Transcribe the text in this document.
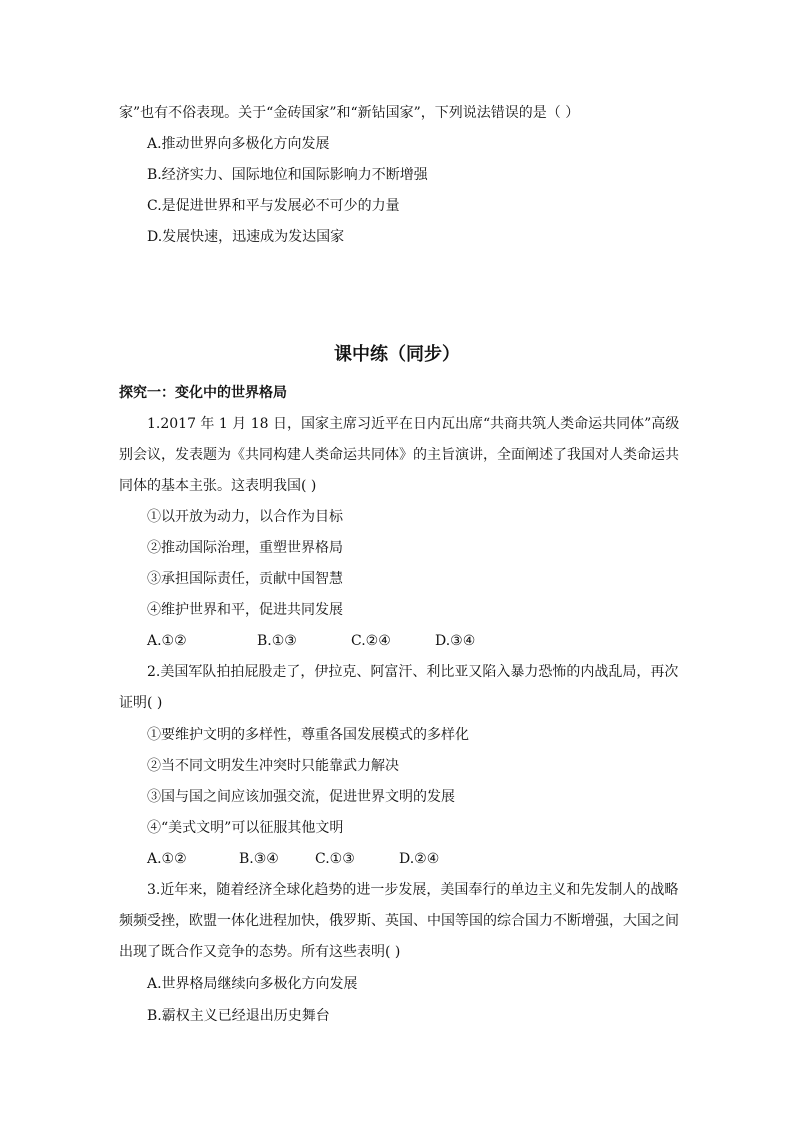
家”也有不俗表现。关于“金砖国家”和“新钻国家”，下列说法错误的是（ ）
A.推动世界向多极化方向发展
B.经济实力、国际地位和国际影响力不断增强
C.是促进世界和平与发展必不可少的力量
D.发展快速，迅速成为发达国家
课中练（同步）
探究一：变化中的世界格局
1.2017 年 1 月 18 日，国家主席习近平在日内瓦出席“共商共筑人类命运共同体”高级
别会议，发表题为《共同构建人类命运共同体》的主旨演讲，全面阐述了我国对人类命运共
同体的基本主张。这表明我国( )
①以开放为动力，以合作为目标
②推动国际治理，重塑世界格局
③承担国际责任，贡献中国智慧
④维护世界和平，促进共同发展
A.①②	B.①③	C.②④	D.③④
2.美国军队拍拍屁股走了，伊拉克、阿富汗、利比亚又陷入暴力恐怖的内战乱局，再次
证明( )
①要维护文明的多样性，尊重各国发展模式的多样化
②当不同文明发生冲突时只能靠武力解决
③国与国之间应该加强交流，促进世界文明的发展
④“美式文明”可以征服其他文明
A.①②	B.③④	C.①③	D.②④
3.近年来，随着经济全球化趋势的进一步发展，美国奉行的单边主义和先发制人的战略
频频受挫，欧盟一体化进程加快，俄罗斯、英国、中国等国的综合国力不断增强，大国之间
出现了既合作又竞争的态势。所有这些表明( )
A.世界格局继续向多极化方向发展
B.霸权主义已经退出历史舞台
